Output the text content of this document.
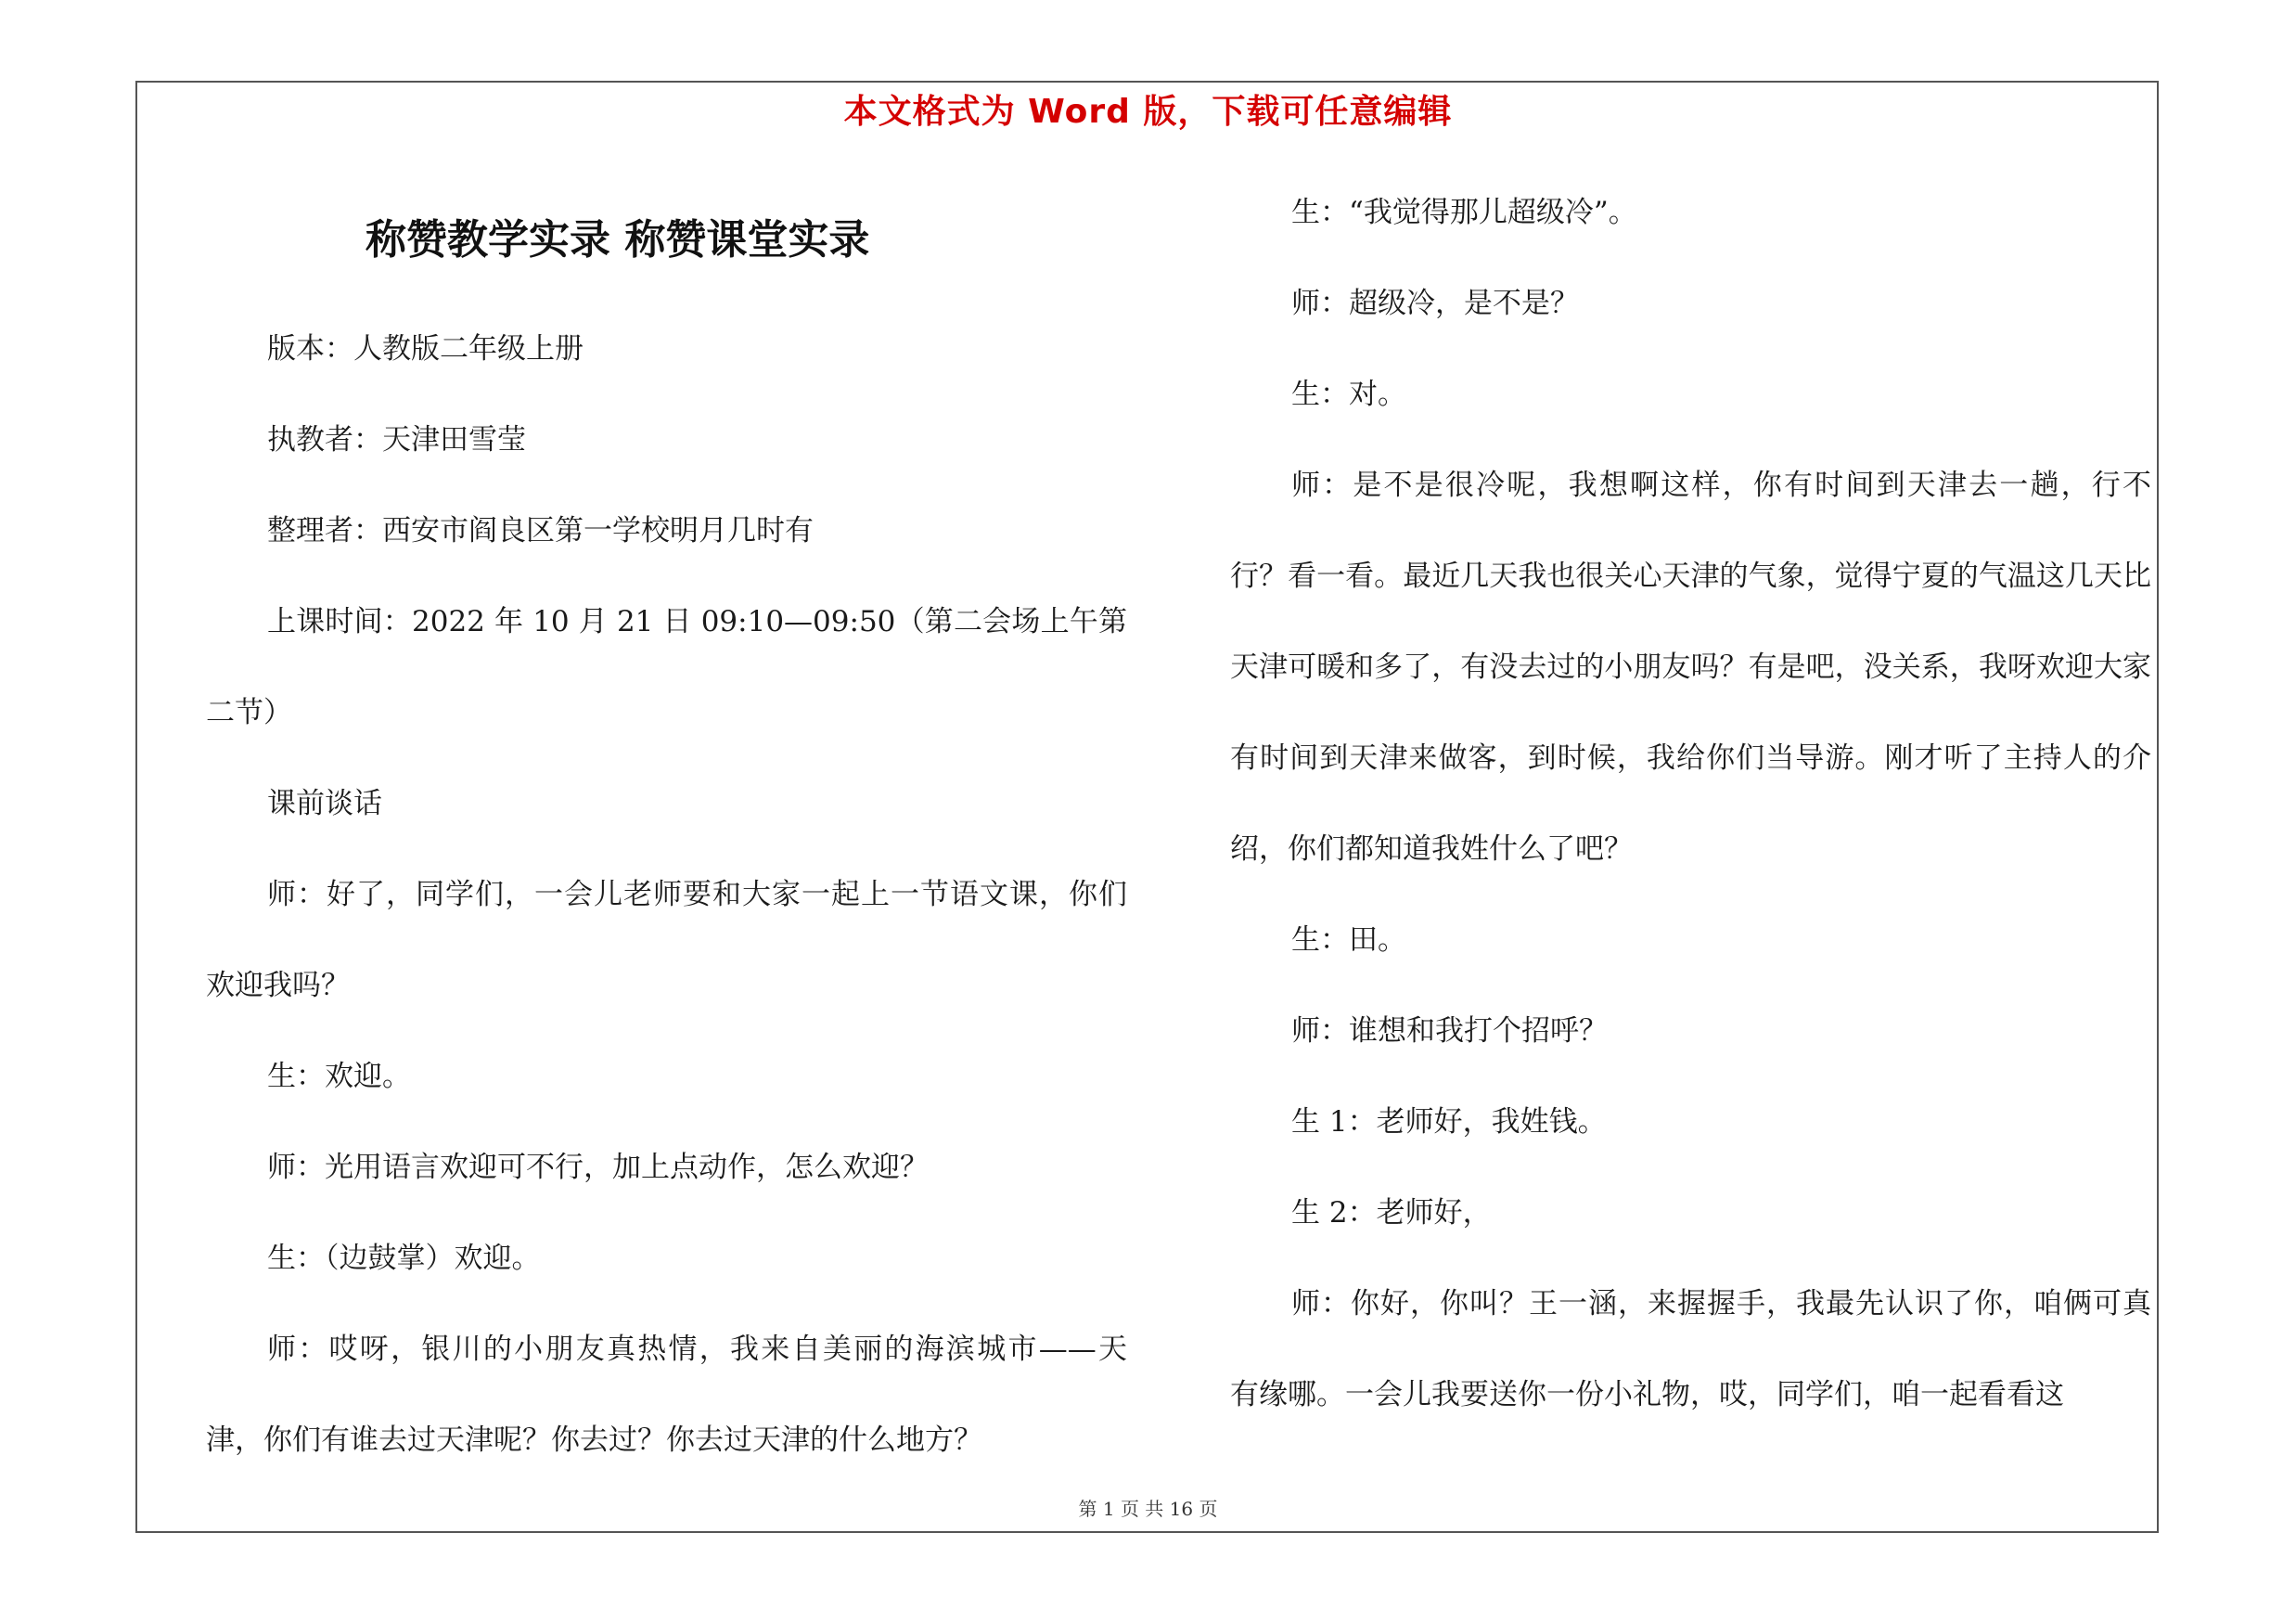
本文格式为 Word 版，下载可任意编辑
称赞教学实录 称赞课堂实录

版本：人教版二年级上册

执教者：天津田雪莹

整理者：西安市阎良区第一学校明月几时有

上课时间：2022 年 10 月 21 日 09:10—09:50（第二会场上午第二节）

课前谈话

师：好了，同学们，一会儿老师要和大家一起上一节语文课，你们欢迎我吗？

生：欢迎。

师：光用语言欢迎可不行，加上点动作，怎么欢迎？

生：（边鼓掌）欢迎。

师：哎呀，银川的小朋友真热情，我来自美丽的海滨城市——天津，你们有谁去过天津呢？你去过？你去过天津的什么地方？

生：“我觉得那儿超级冷”。

师：超级冷，是不是？

生：对。

师：是不是很冷呢，我想啊这样，你有时间到天津去一趟，行不行？看一看。最近几天我也很关心天津的气象，觉得宁夏的气温这几天比天津可暖和多了，有没去过的小朋友吗？有是吧，没关系，我呀欢迎大家有时间到天津来做客，到时候，我给你们当导游。刚才听了主持人的介绍，你们都知道我姓什么了吧？

生：田。

师：谁想和我打个招呼？

生 1：老师好，我姓钱。

生 2：老师好，

师：你好，你叫？王一涵，来握握手，我最先认识了你，咱俩可真有缘哪。一会儿我要送你一份小礼物，哎，同学们，咱一起看看这

第 1 页 共 16 页
